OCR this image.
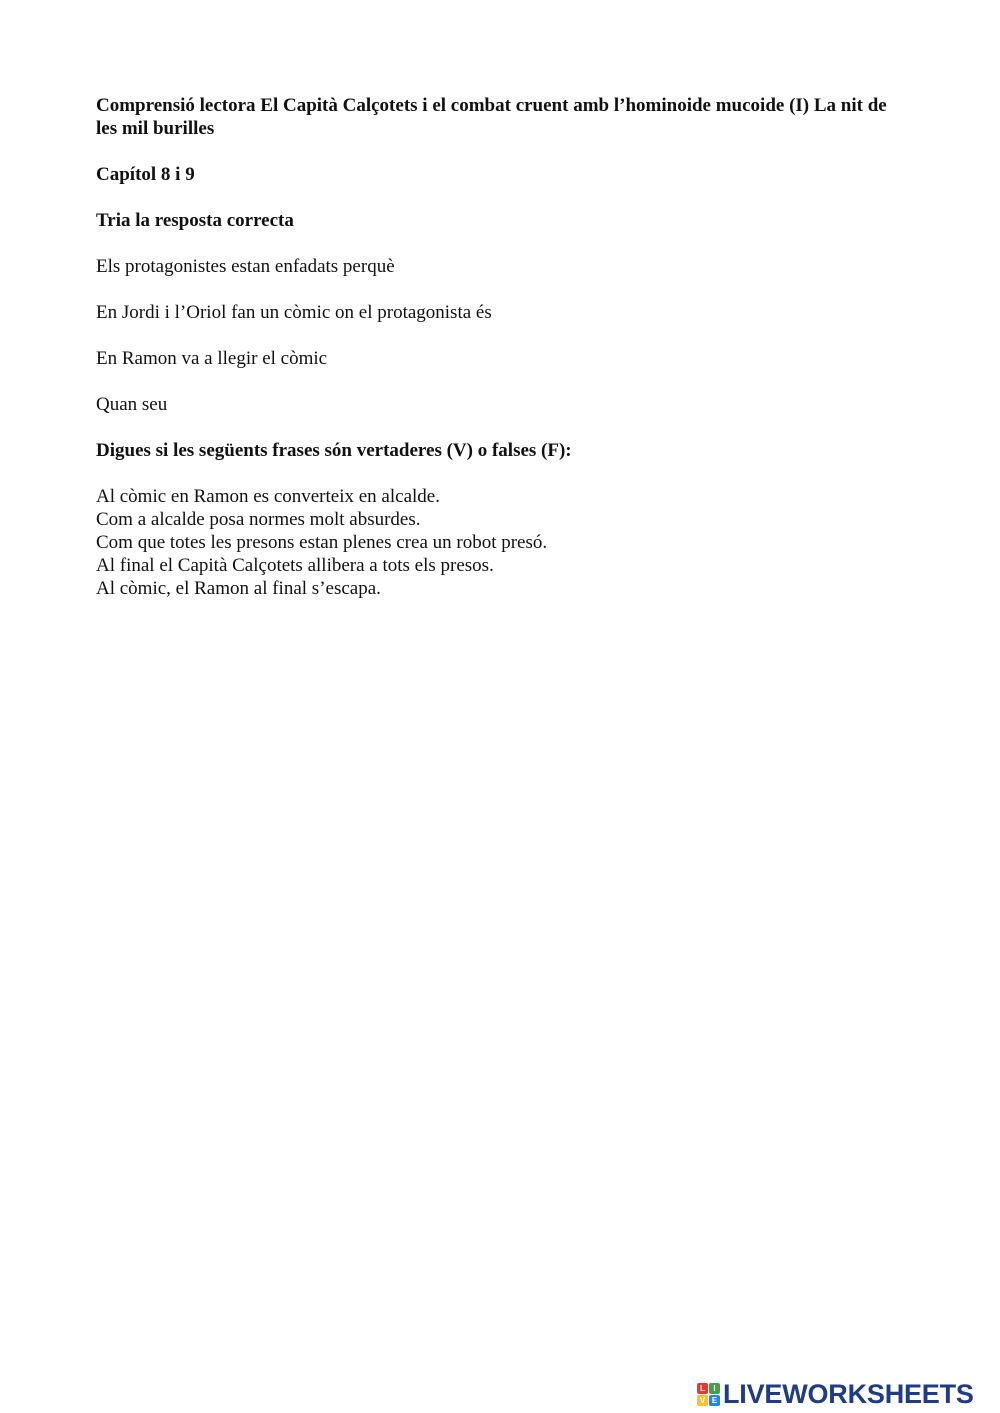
Comprensió lectora El Capità Calçotets i el combat cruent amb l’hominoide mucoide (I) La nit de les mil burilles

Capítol 8 i 9

Tria la resposta correcta

Els protagonistes estan enfadats perquè

En Jordi i l’Oriol fan un còmic on el protagonista és

En Ramon va a llegir el còmic

Quan seu

Digues si les següents frases són vertaderes (V) o falses (F):

Al còmic en Ramon es converteix en alcalde.

Com a alcalde posa normes molt absurdes.

Com que totes les presons estan plenes crea un robot presó.

Al final el Capità Calçotets allibera a tots els presos.

Al còmic, el Ramon al final s’escapa.

L	I
V E LIVEWORKSHEETS
